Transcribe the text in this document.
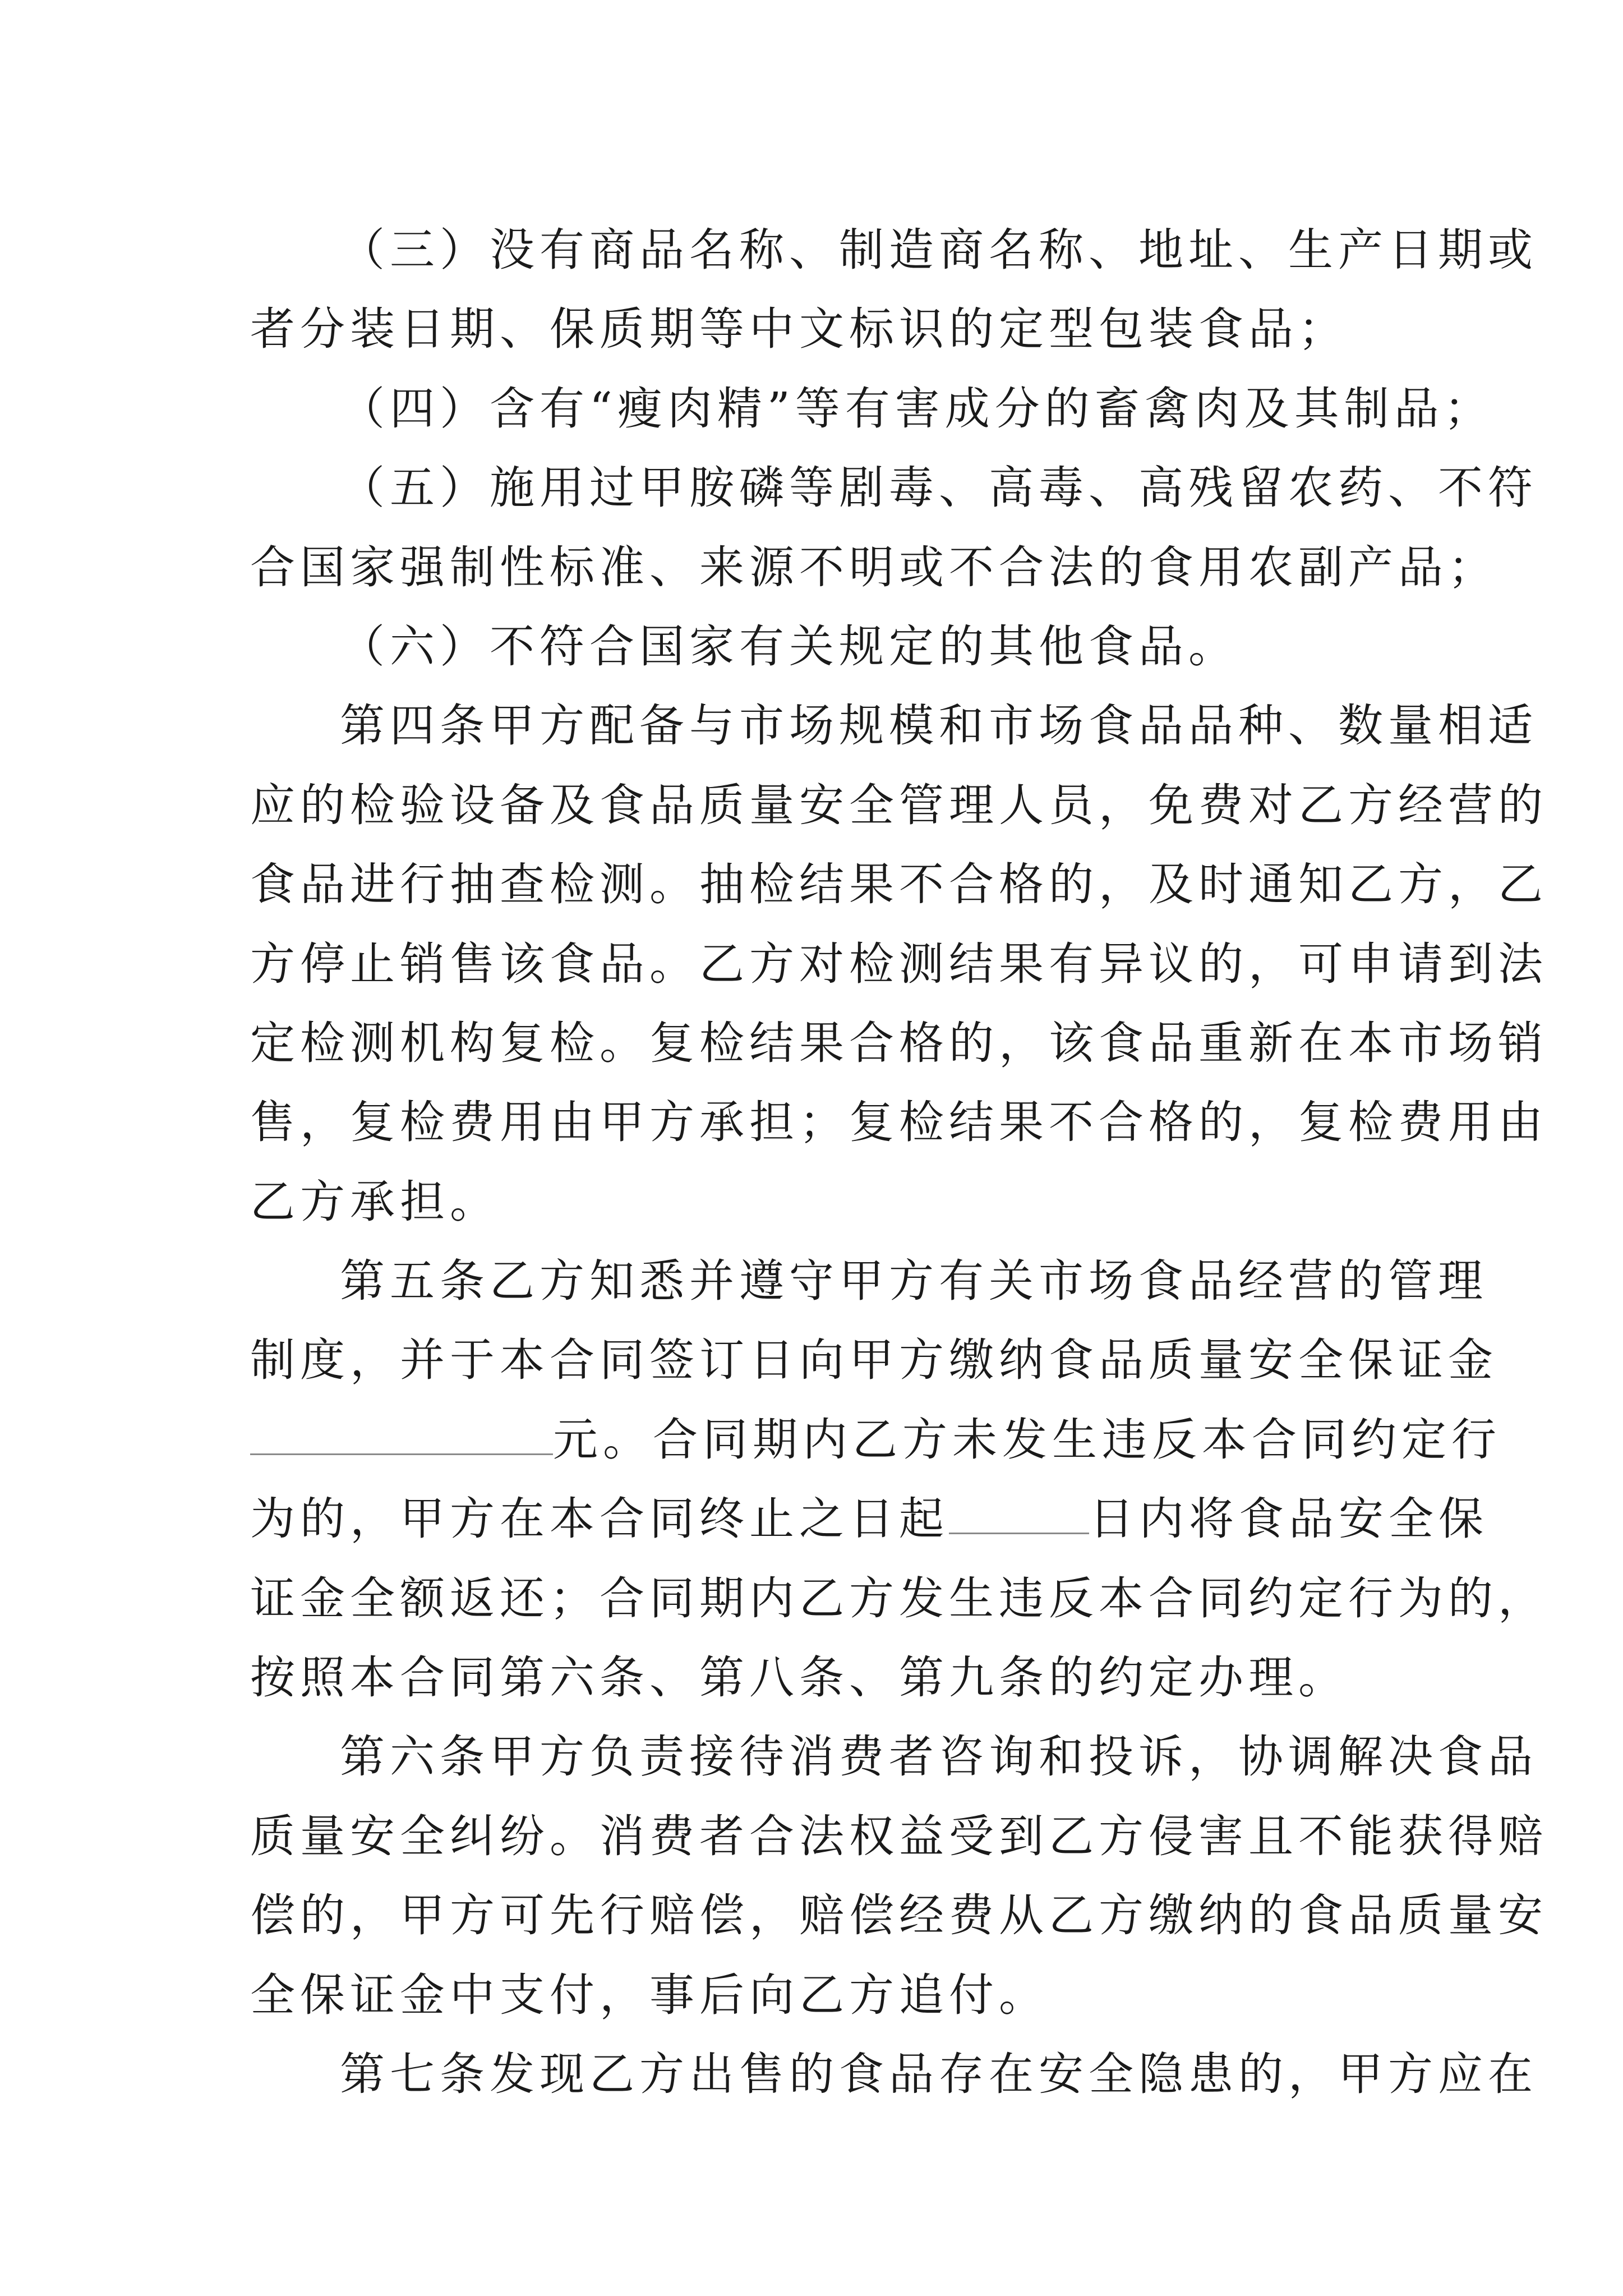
（三）没有商品名称、制造商名称、地址、生产日期或
者分装日期、保质期等中文标识的定型包装食品；
（四）含有“瘦肉精”等有害成分的畜禽肉及其制品；
（五）施用过甲胺磷等剧毒、高毒、高残留农药、不符
合国家强制性标准、来源不明或不合法的食用农副产品；
（六）不符合国家有关规定的其他食品。
第四条甲方配备与市场规模和市场食品品种、数量相适
应的检验设备及食品质量安全管理人员，免费对乙方经营的
食品进行抽查检测。抽检结果不合格的，及时通知乙方，乙
方停止销售该食品。乙方对检测结果有异议的，可申请到法
定检测机构复检。复检结果合格的，该食品重新在本市场销
售，复检费用由甲方承担；复检结果不合格的，复检费用由
乙方承担。
第五条乙方知悉并遵守甲方有关市场食品经营的管理
制度，并于本合同签订日向甲方缴纳食品质量安全保证金
元。合同期内乙方未发生违反本合同约定行
为的，甲方在本合同终止之日起	日内将食品安全保
证金全额返还；合同期内乙方发生违反本合同约定行为的，
按照本合同第六条、第八条、第九条的约定办理。
第六条甲方负责接待消费者咨询和投诉，协调解决食品
质量安全纠纷。消费者合法权益受到乙方侵害且不能获得赔
偿的，甲方可先行赔偿，赔偿经费从乙方缴纳的食品质量安
全保证金中支付，事后向乙方追付。
第七条发现乙方出售的食品存在安全隐患的，甲方应在
